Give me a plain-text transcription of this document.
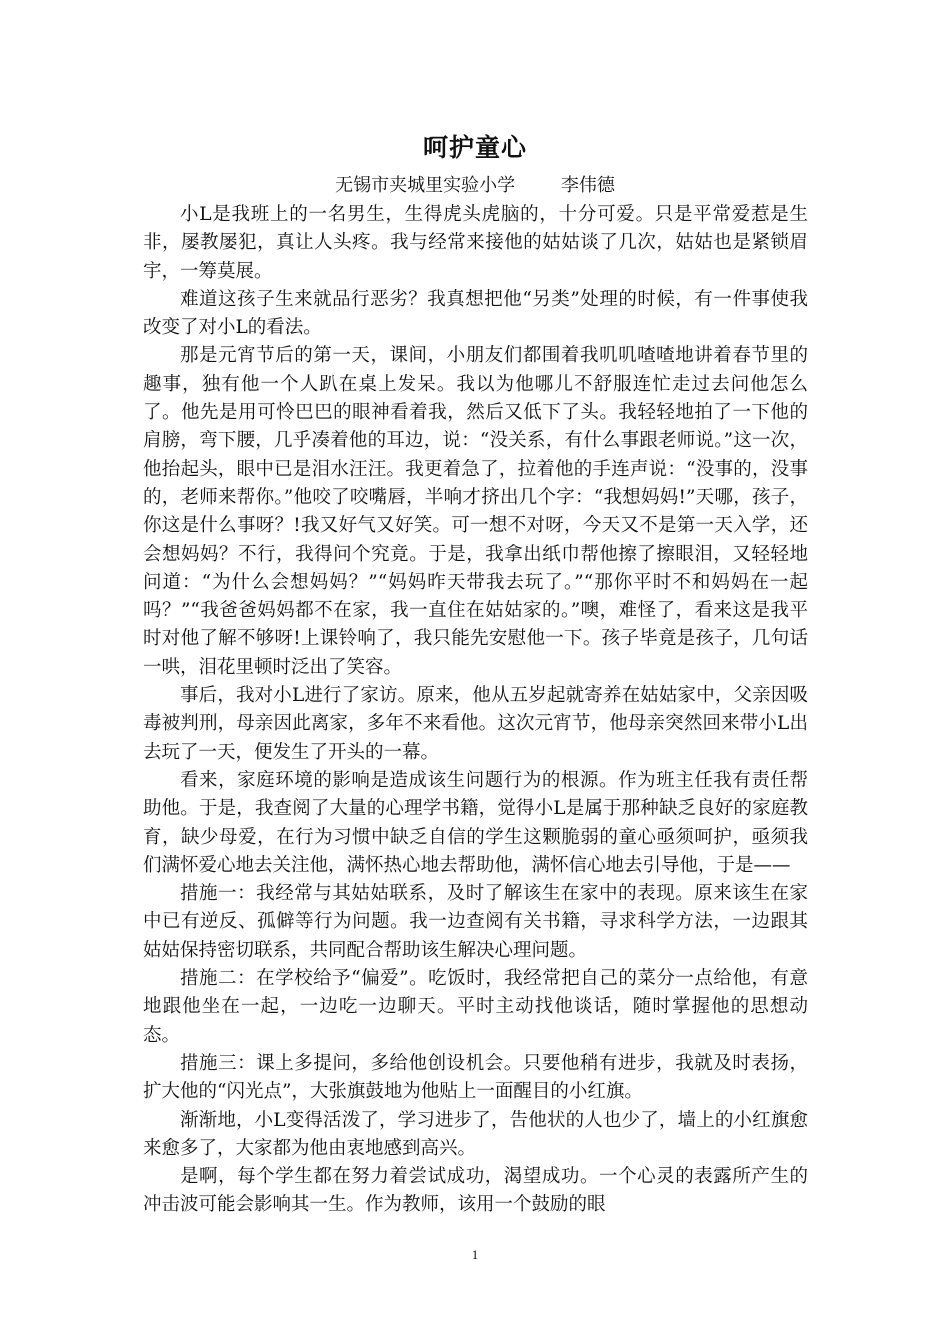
呵护童心
无锡市夹城里实验小学        李伟德

小L是我班上的一名男生，生得虎头虎脑的，十分可爱。只是平常爱惹是生非，屡教屡犯，真让人头疼。我与经常来接他的姑姑谈了几次，姑姑也是紧锁眉宇，一筹莫展。

难道这孩子生来就品行恶劣？我真想把他“另类”处理的时候，有一件事使我改变了对小L的看法。

那是元宵节后的第一天，课间，小朋友们都围着我叽叽喳喳地讲着春节里的趣事，独有他一个人趴在桌上发呆。我以为他哪儿不舒服连忙走过去问他怎么了。他先是用可怜巴巴的眼神看着我，然后又低下了头。我轻轻地拍了一下他的肩膀，弯下腰，几乎凑着他的耳边，说：“没关系，有什么事跟老师说。”这一次，他抬起头，眼中已是泪水汪汪。我更着急了，拉着他的手连声说：“没事的，没事的，老师来帮你。”他咬了咬嘴唇，半响才挤出几个字：“我想妈妈!”天哪，孩子，你这是什么事呀？!我又好气又好笑。可一想不对呀，今天又不是第一天入学，还会想妈妈？不行，我得问个究竟。于是，我拿出纸巾帮他擦了擦眼泪，又轻轻地问道：“为什么会想妈妈？”“妈妈昨天带我去玩了。”“那你平时不和妈妈在一起吗？”“我爸爸妈妈都不在家，我一直住在姑姑家的。”噢，难怪了，看来这是我平时对他了解不够呀!上课铃响了，我只能先安慰他一下。孩子毕竟是孩子，几句话一哄，泪花里顿时泛出了笑容。

事后，我对小L进行了家访。原来，他从五岁起就寄养在姑姑家中，父亲因吸毒被判刑，母亲因此离家，多年不来看他。这次元宵节，他母亲突然回来带小L出去玩了一天，便发生了开头的一幕。

看来，家庭环境的影响是造成该生问题行为的根源。作为班主任我有责任帮助他。于是，我查阅了大量的心理学书籍，觉得小L是属于那种缺乏良好的家庭教育，缺少母爱，在行为习惯中缺乏自信的学生这颗脆弱的童心亟须呵护，亟须我们满怀爱心地去关注他，满怀热心地去帮助他，满怀信心地去引导他，于是——

措施一：我经常与其姑姑联系，及时了解该生在家中的表现。原来该生在家中已有逆反、孤僻等行为问题。我一边查阅有关书籍，寻求科学方法，一边跟其姑姑保持密切联系，共同配合帮助该生解决心理问题。

措施二：在学校给予“偏爱”。吃饭时，我经常把自己的菜分一点给他，有意地跟他坐在一起，一边吃一边聊天。平时主动找他谈话，随时掌握他的思想动态。

措施三：课上多提问，多给他创设机会。只要他稍有进步，我就及时表扬，扩大他的“闪光点”，大张旗鼓地为他贴上一面醒目的小红旗。

渐渐地，小L变得活泼了，学习进步了，告他状的人也少了，墙上的小红旗愈来愈多了，大家都为他由衷地感到高兴。

是啊，每个学生都在努力着尝试成功，渴望成功。一个心灵的表露所产生的冲击波可能会影响其一生。作为教师，该用一个鼓励的眼

1
